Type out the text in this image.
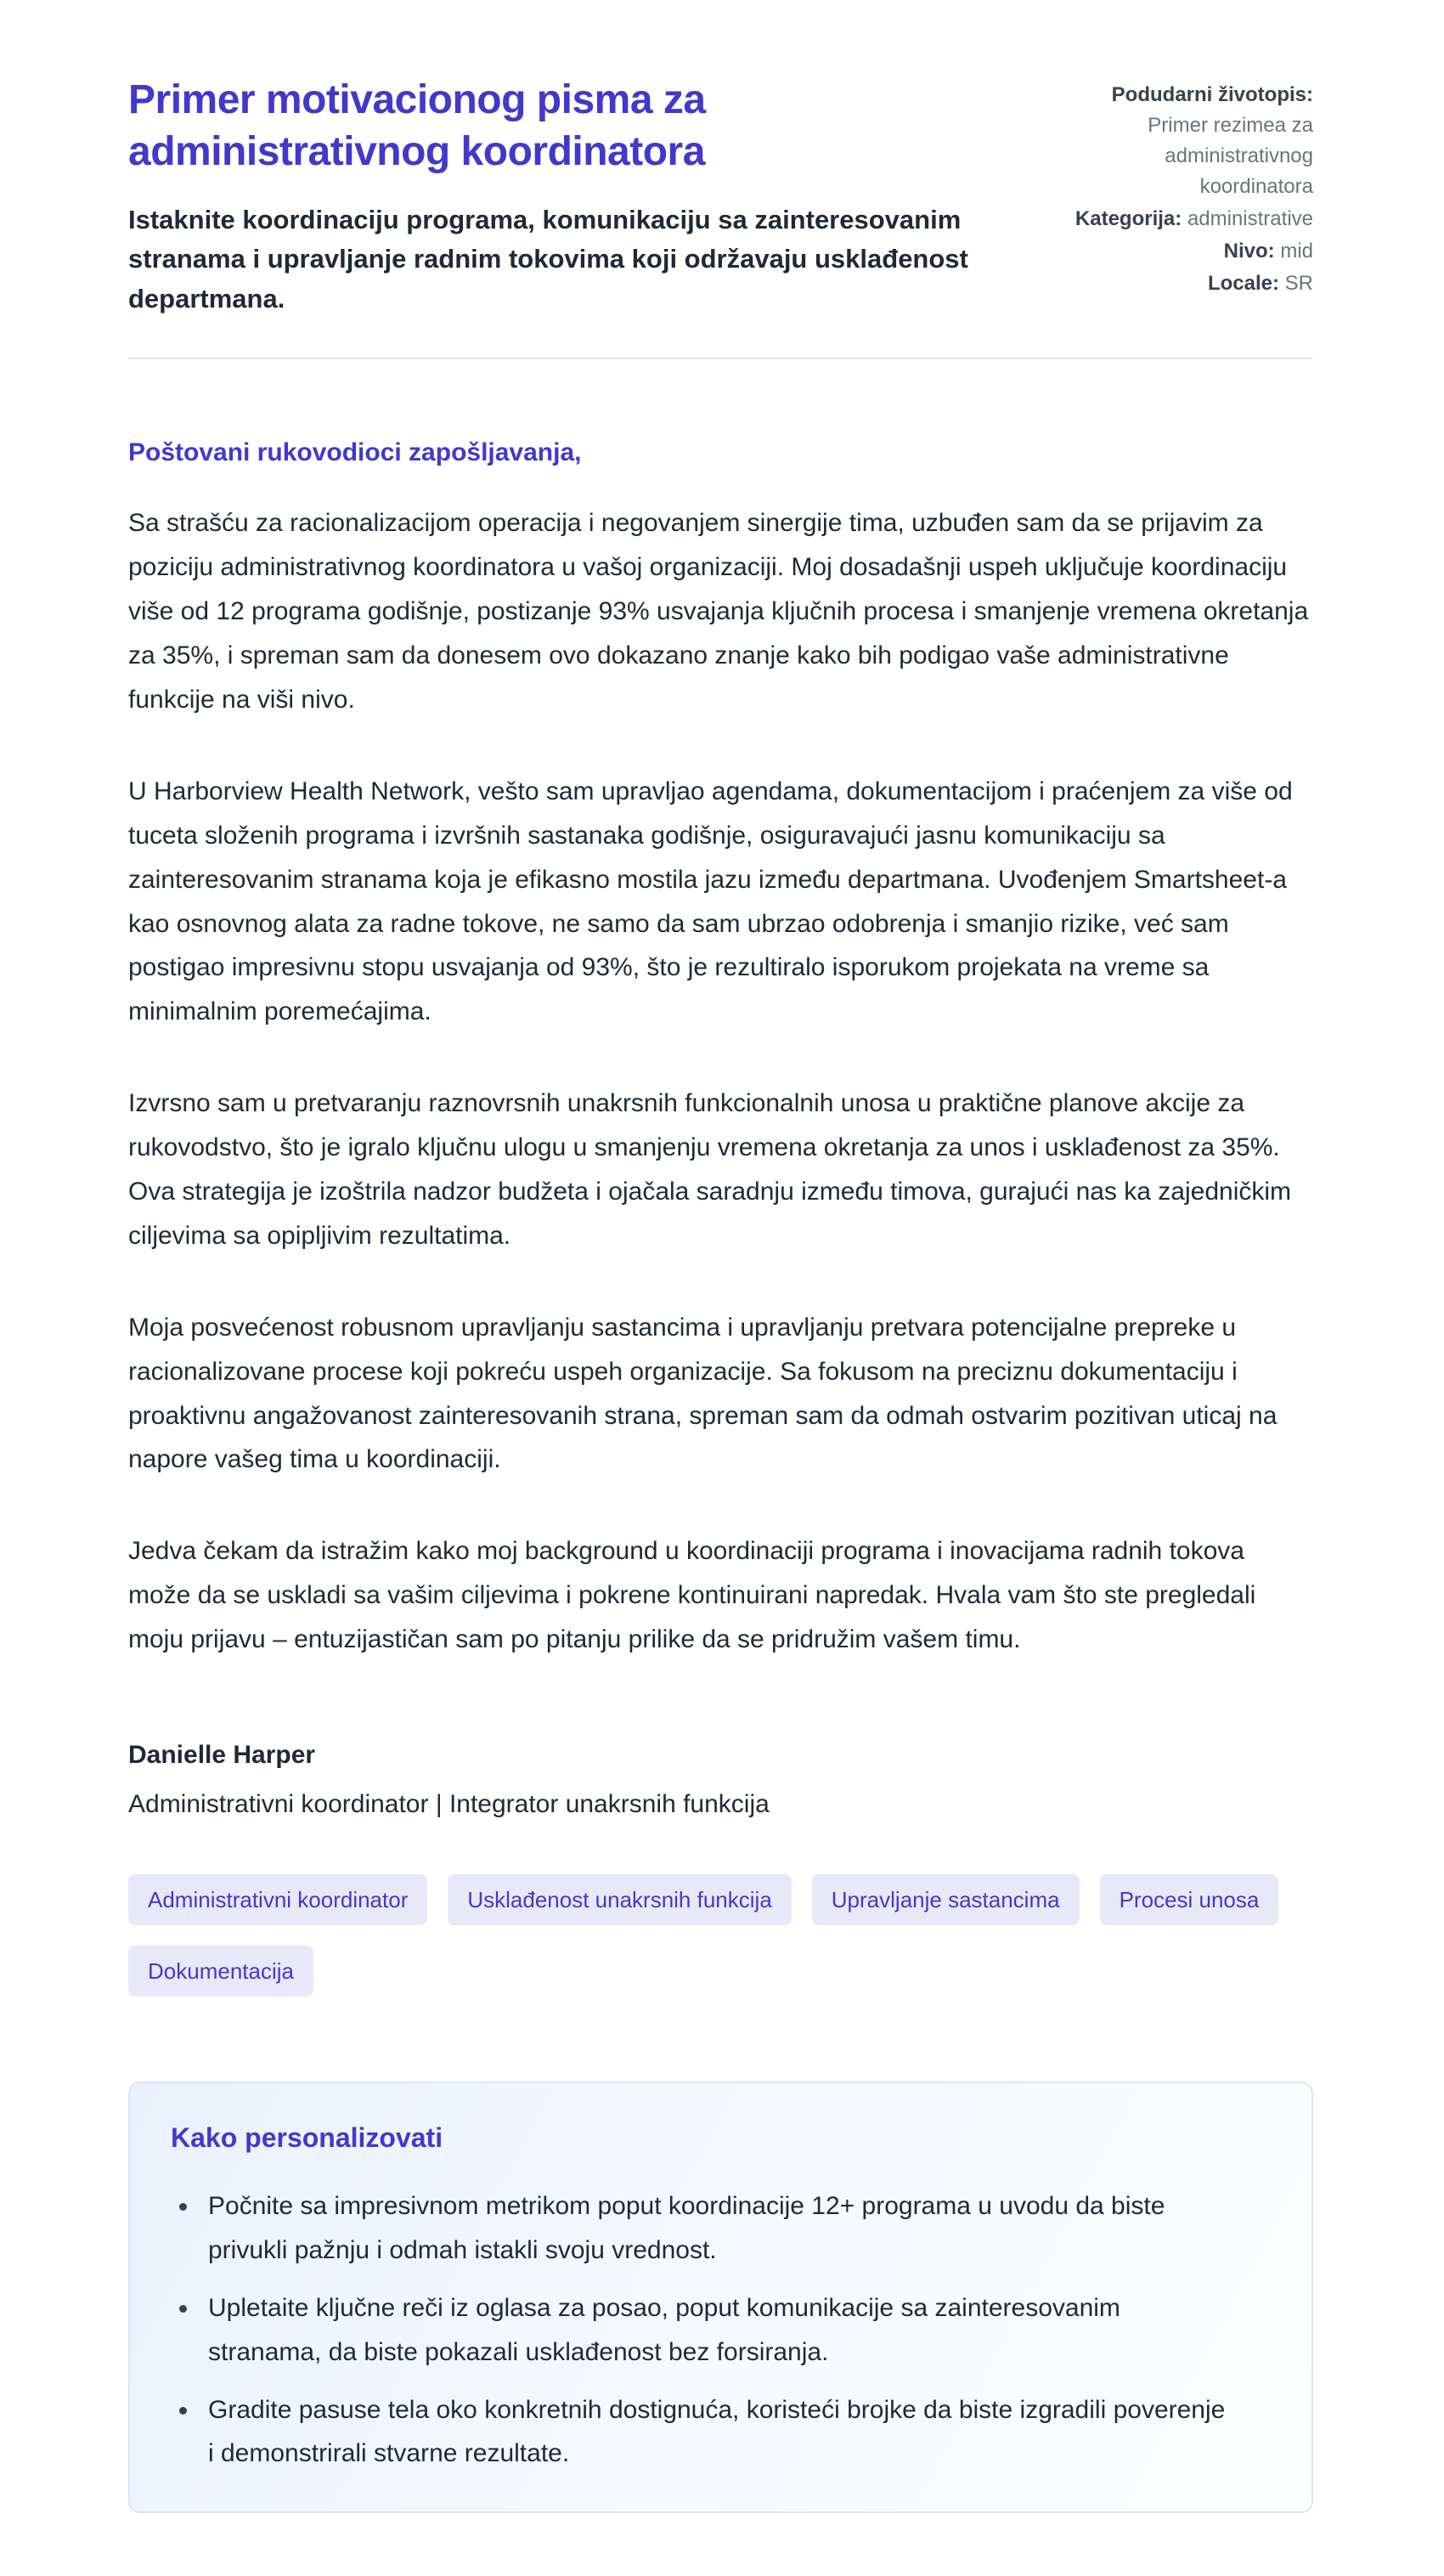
Primer motivacionog pisma za administrativnog koordinatora

Istaknite koordinaciju programa, komunikaciju sa zainteresovanim stranama i upravljanje radnim tokovima koji održavaju usklađenost departmana.

Podudarni životopis: Primer rezimea za administrativnog koordinatora
Kategorija: administrative
Nivo: mid
Locale: SR

Poštovani rukovodioci zapošljavanja,

Sa strašću za racionalizacijom operacija i negovanjem sinergije tima, uzbuđen sam da se prijavim za poziciju administrativnog koordinatora u vašoj organizaciji. Moj dosadašnji uspeh uključuje koordinaciju više od 12 programa godišnje, postizanje 93% usvajanja ključnih procesa i smanjenje vremena okretanja za 35%, i spreman sam da donesem ovo dokazano znanje kako bih podigao vaše administrativne funkcije na viši nivo.

U Harborview Health Network, vešto sam upravljao agendama, dokumentacijom i praćenjem za više od tuceta složenih programa i izvršnih sastanaka godišnje, osiguravajući jasnu komunikaciju sa zainteresovanim stranama koja je efikasno mostila jazu između departmana. Uvođenjem Smartsheet-a kao osnovnog alata za radne tokove, ne samo da sam ubrzao odobrenja i smanjio rizike, već sam postigao impresivnu stopu usvajanja od 93%, što je rezultiralo isporukom projekata na vreme sa minimalnim poremećajima.

Izvrsno sam u pretvaranju raznovrsnih unakrsnih funkcionalnih unosa u praktične planove akcije za rukovodstvo, što je igralo ključnu ulogu u smanjenju vremena okretanja za unos i usklađenost za 35%. Ova strategija je izoštrila nadzor budžeta i ojačala saradnju između timova, gurajući nas ka zajedničkim ciljevima sa opipljivim rezultatima.

Moja posvećenost robusnom upravljanju sastancima i upravljanju pretvara potencijalne prepreke u racionalizovane procese koji pokreću uspeh organizacije. Sa fokusom na preciznu dokumentaciju i proaktivnu angažovanost zainteresovanih strana, spreman sam da odmah ostvarim pozitivan uticaj na napore vašeg tima u koordinaciji.

Jedva čekam da istražim kako moj background u koordinaciji programa i inovacijama radnih tokova može da se uskladi sa vašim ciljevima i pokrene kontinuirani napredak. Hvala vam što ste pregledali moju prijavu – entuzijastičan sam po pitanju prilike da se pridružim vašem timu.

Danielle Harper

Administrativni koordinator | Integrator unakrsnih funkcija

Administrativni koordinator	Usklađenost unakrsnih funkcija	Upravljanje sastancima	Procesi unosa
Dokumentacija
Kako personalizovati
• Počnite sa impresivnom metrikom poput koordinacije 12+ programa u uvodu da biste privukli pažnju i odmah istakli svoju vrednost.
• Upletaite ključne reči iz oglasa za posao, poput komunikacije sa zainteresovanim stranama, da biste pokazali usklađenost bez forsiranja.
• Gradite pasuse tela oko konkretnih dostignuća, koristeći brojke da biste izgradili poverenje i demonstrirali stvarne rezultate.
